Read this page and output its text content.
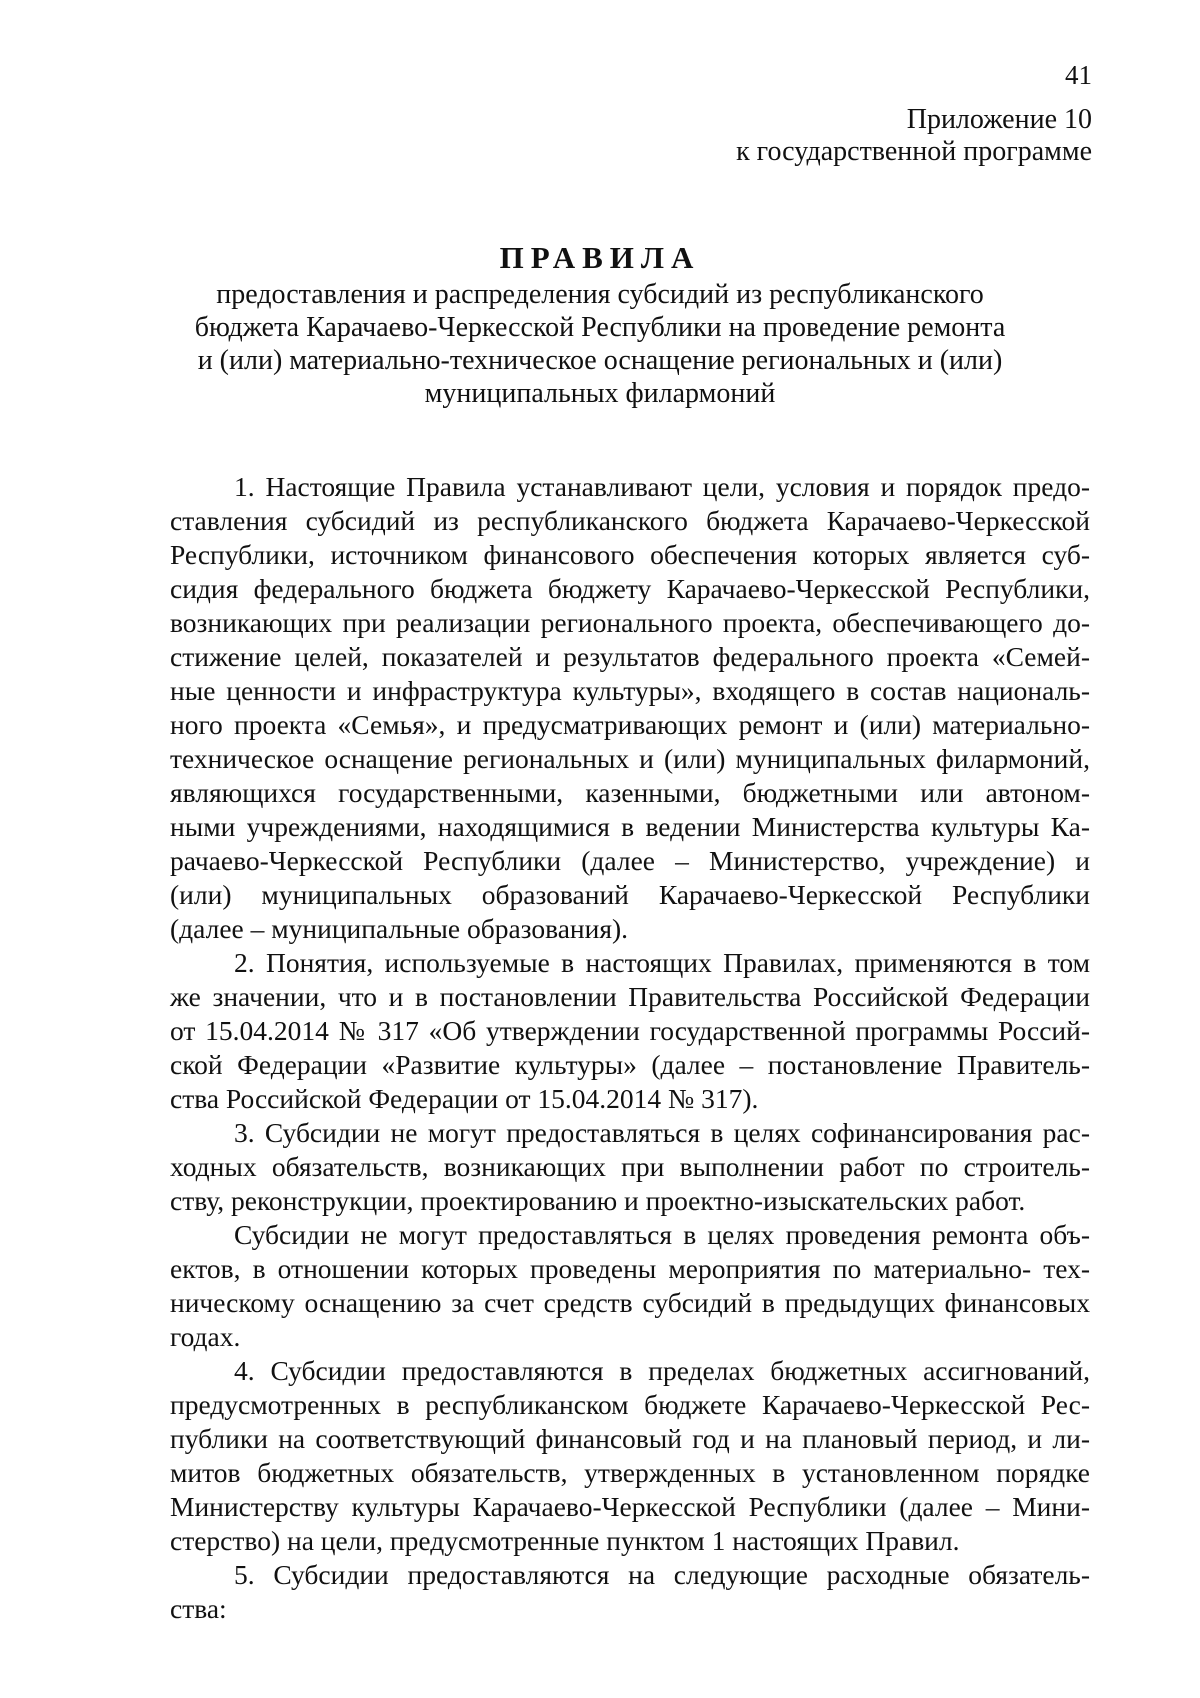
41
Приложение 10
к государственной программе
ПРАВИЛА
предоставления и распределения субсидий из республиканского
бюджета Карачаево-Черкесской Республики на проведение ремонта
и (или) материально-техническое оснащение региональных и (или)
муниципальных филармоний
1. Настоящие Правила устанавливают цели, условия и порядок предо-
ставления субсидий из республиканского бюджета Карачаево-Черкесской
Республики, источником финансового обеспечения которых является суб-
сидия федерального бюджета бюджету Карачаево-Черкесской Республики,
возникающих при реализации регионального проекта, обеспечивающего до-
стижение целей, показателей и результатов федерального проекта «Семей-
ные ценности и инфраструктура культуры», входящего в состав националь-
ного проекта «Семья», и предусматривающих ремонт и (или) материально-
техническое оснащение региональных и (или) муниципальных филармоний,
являющихся государственными, казенными, бюджетными или автоном-
ными учреждениями, находящимися в ведении Министерства культуры Ка-
рачаево-Черкесской Республики (далее – Министерство, учреждение) и
(или) муниципальных образований Карачаево-Черкесской Республики
(далее – муниципальные образования).
2. Понятия, используемые в настоящих Правилах, применяются в том
же значении, что и в постановлении Правительства Российской Федерации
от 15.04.2014 № 317 «Об утверждении государственной программы Россий-
ской Федерации «Развитие культуры» (далее – постановление Правитель-
ства Российской Федерации от 15.04.2014 № 317).
3. Субсидии не могут предоставляться в целях софинансирования рас-
ходных обязательств, возникающих при выполнении работ по строитель-
ству, реконструкции, проектированию и проектно-изыскательских работ.
Субсидии не могут предоставляться в целях проведения ремонта объ-
ектов, в отношении которых проведены мероприятия по материально- тех-
ническому оснащению за счет средств субсидий в предыдущих финансовых
годах.
4. Субсидии предоставляются в пределах бюджетных ассигнований,
предусмотренных в республиканском бюджете Карачаево-Черкесской Рес-
публики на соответствующий финансовый год и на плановый период, и ли-
митов бюджетных обязательств, утвержденных в установленном порядке
Министерству культуры Карачаево-Черкесской Республики (далее – Мини-
стерство) на цели, предусмотренные пунктом 1 настоящих Правил.
5. Субсидии предоставляются на следующие расходные обязатель-
ства:
